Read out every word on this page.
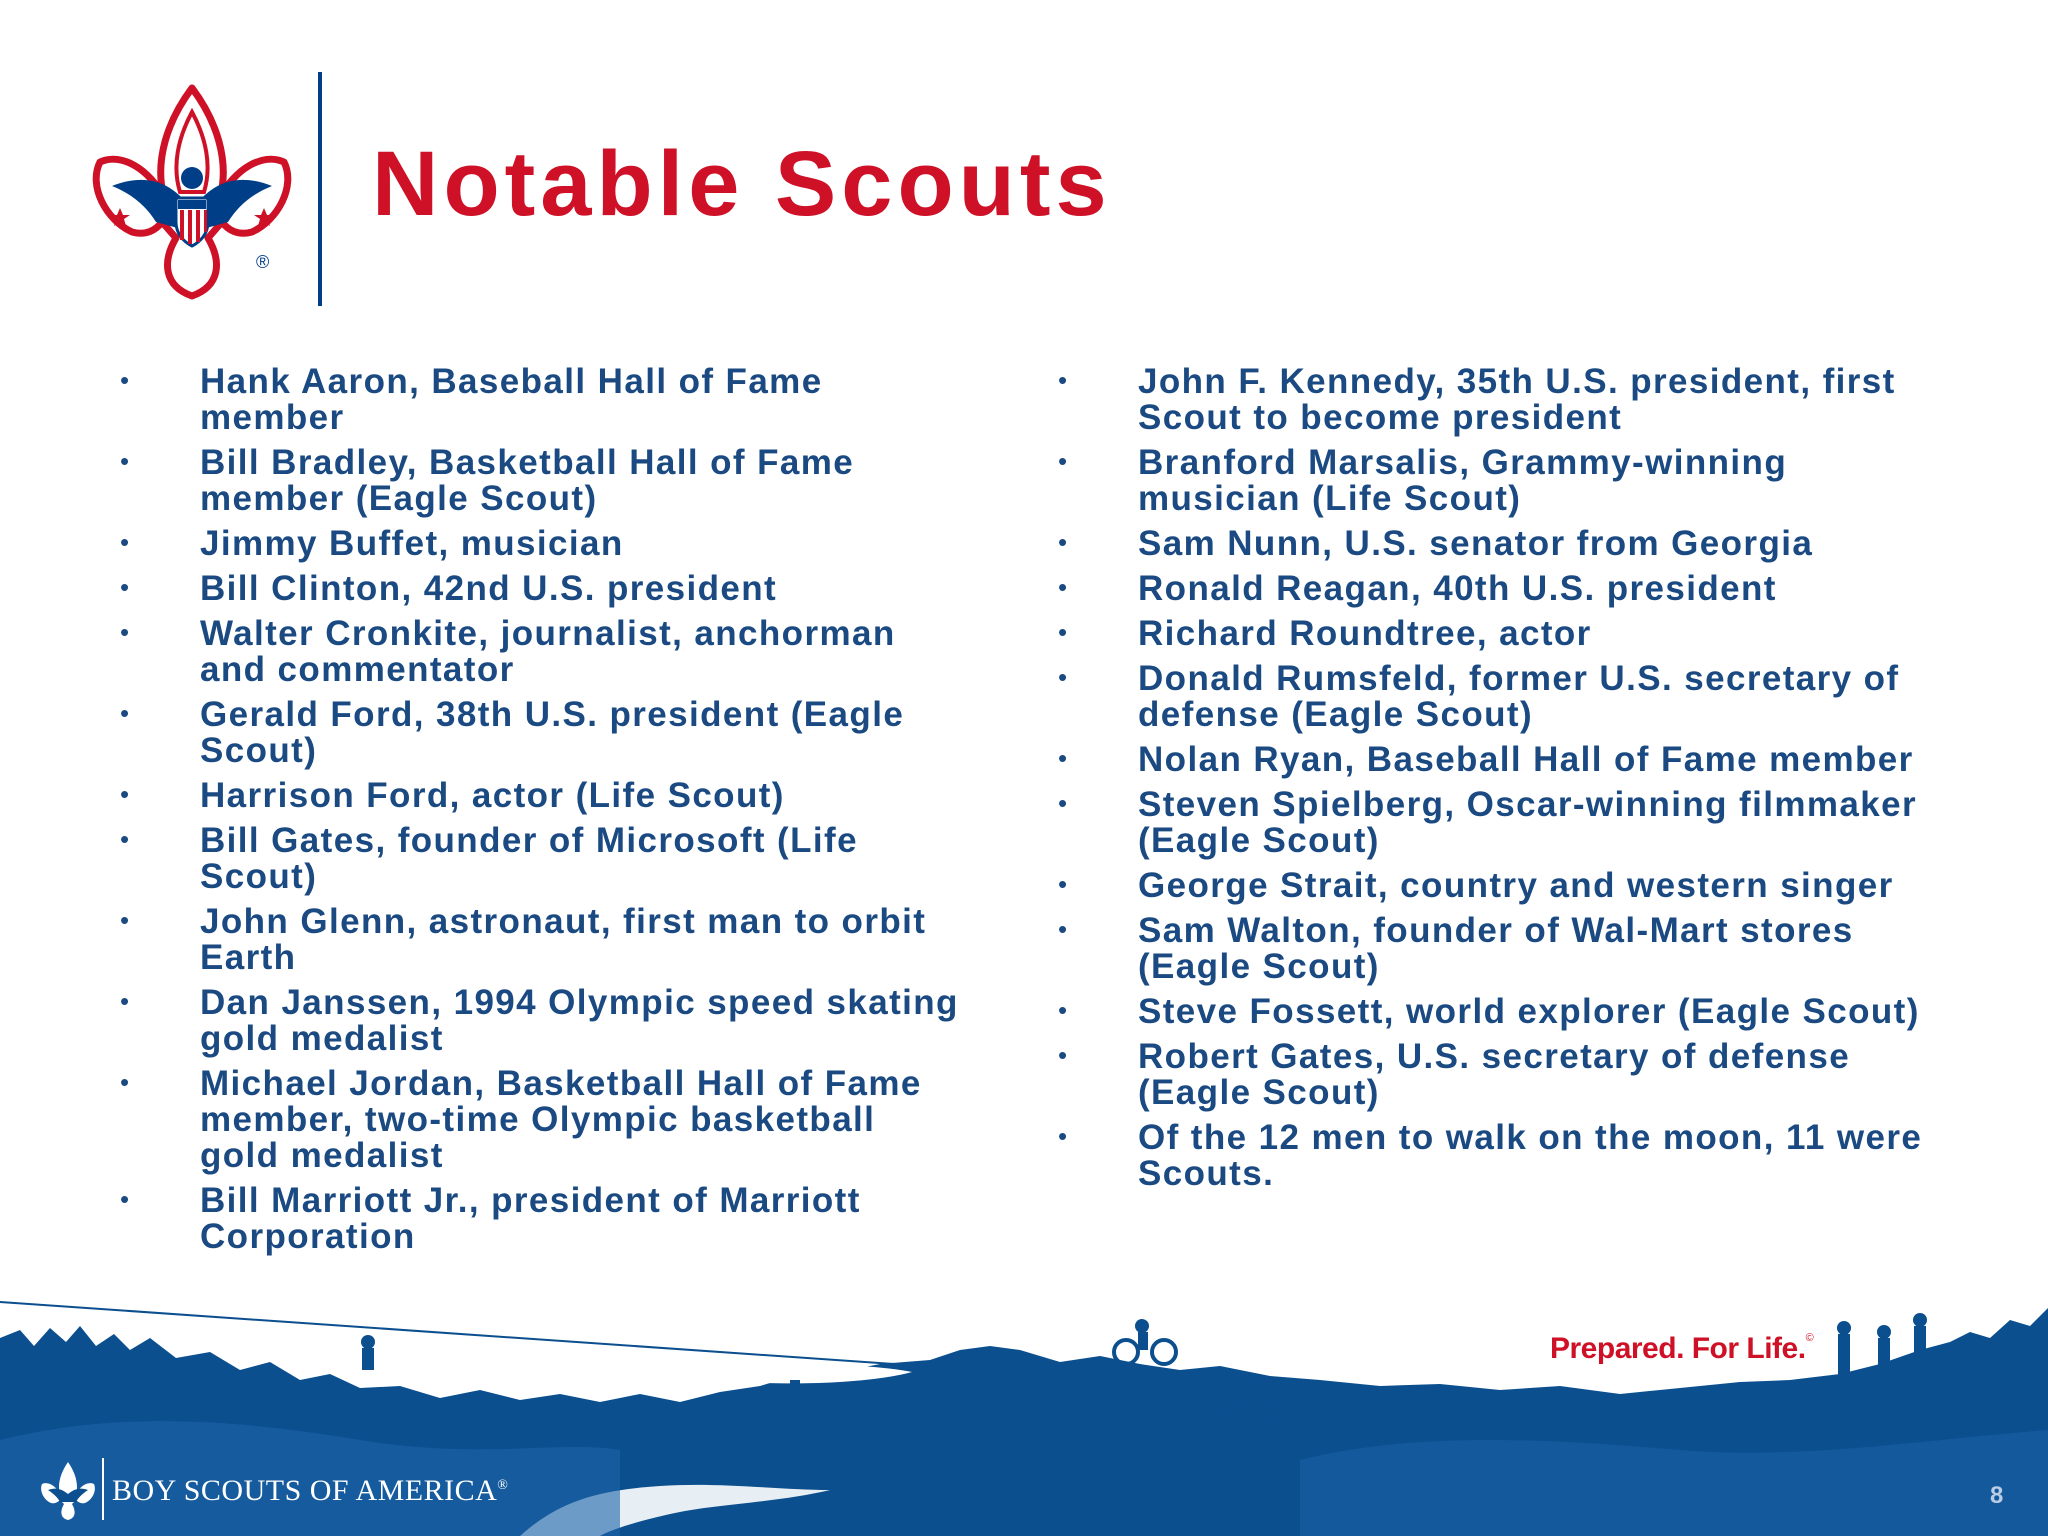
®
Notable Scouts
• Hank Aaron, Baseball Hall of Fame member
• Bill Bradley, Basketball Hall of Fame member (Eagle Scout)
• Jimmy Buffet, musician
• Bill Clinton, 42nd U.S. president
• Walter Cronkite, journalist, anchorman and commentator
• Gerald Ford, 38th U.S. president (Eagle Scout)
• Harrison Ford, actor (Life Scout)
• Bill Gates, founder of Microsoft (Life Scout)
• John Glenn, astronaut, first man to orbit Earth
• Dan Janssen, 1994 Olympic speed skating gold medalist
• Michael Jordan, Basketball Hall of Fame member, two-time Olympic basketball gold medalist
• Bill Marriott Jr., president of Marriott Corporation
• John F. Kennedy, 35th U.S. president, first Scout to become president
• Branford Marsalis, Grammy-winning musician (Life Scout)
• Sam Nunn, U.S. senator from Georgia
• Ronald Reagan, 40th U.S. president
• Richard Roundtree, actor
• Donald Rumsfeld, former U.S. secretary of defense (Eagle Scout)
• Nolan Ryan, Baseball Hall of Fame member
• Steven Spielberg, Oscar-winning filmmaker (Eagle Scout)
• George Strait, country and western singer
• Sam Walton, founder of Wal-Mart stores (Eagle Scout)
• Steve Fossett, world explorer (Eagle Scout)
• Robert Gates, U.S. secretary of defense (Eagle Scout)
• Of the 12 men to walk on the moon, 11 were Scouts.
Prepared. For Life.©
BOY SCOUTS OF AMERICA®	8
